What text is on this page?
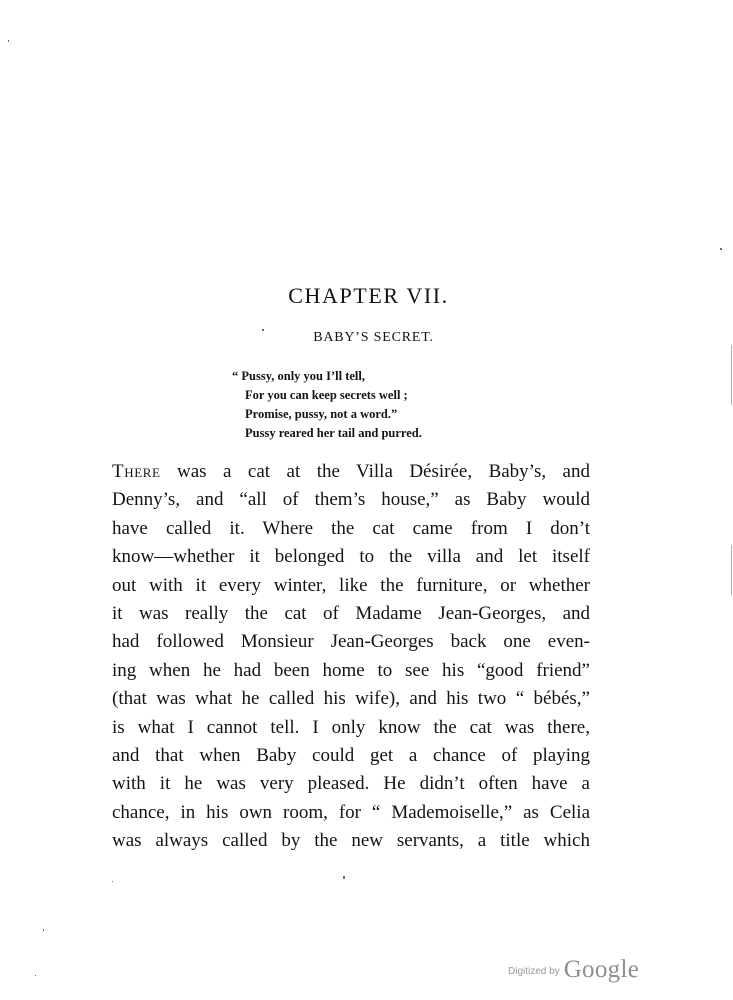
CHAPTER VII.
BABY’S SECRET.
“ Pussy, only you I’ll tell,
For you can keep secrets well ;
Promise, pussy, not a word.”
Pussy reared her tail and purred.
There was a cat at the Villa Désirée, Baby’s, and
Denny’s, and “all of them’s house,” as Baby would
have called it. Where the cat came from I don’t
know—whether it belonged to the villa and let itself
out with it every winter, like the furniture, or whether
it was really the cat of Madame Jean-Georges, and
had followed Monsieur Jean-Georges back one even-
ing when he had been home to see his “good friend”
(that was what he called his wife), and his two “ bébés,”
is what I cannot tell. I only know the cat was there,
and that when Baby could get a chance of playing
with it he was very pleased. He didn’t often have a
chance, in his own room, for “ Mademoiselle,” as Celia
was always called by the new servants, a title which
Digitized by Google
